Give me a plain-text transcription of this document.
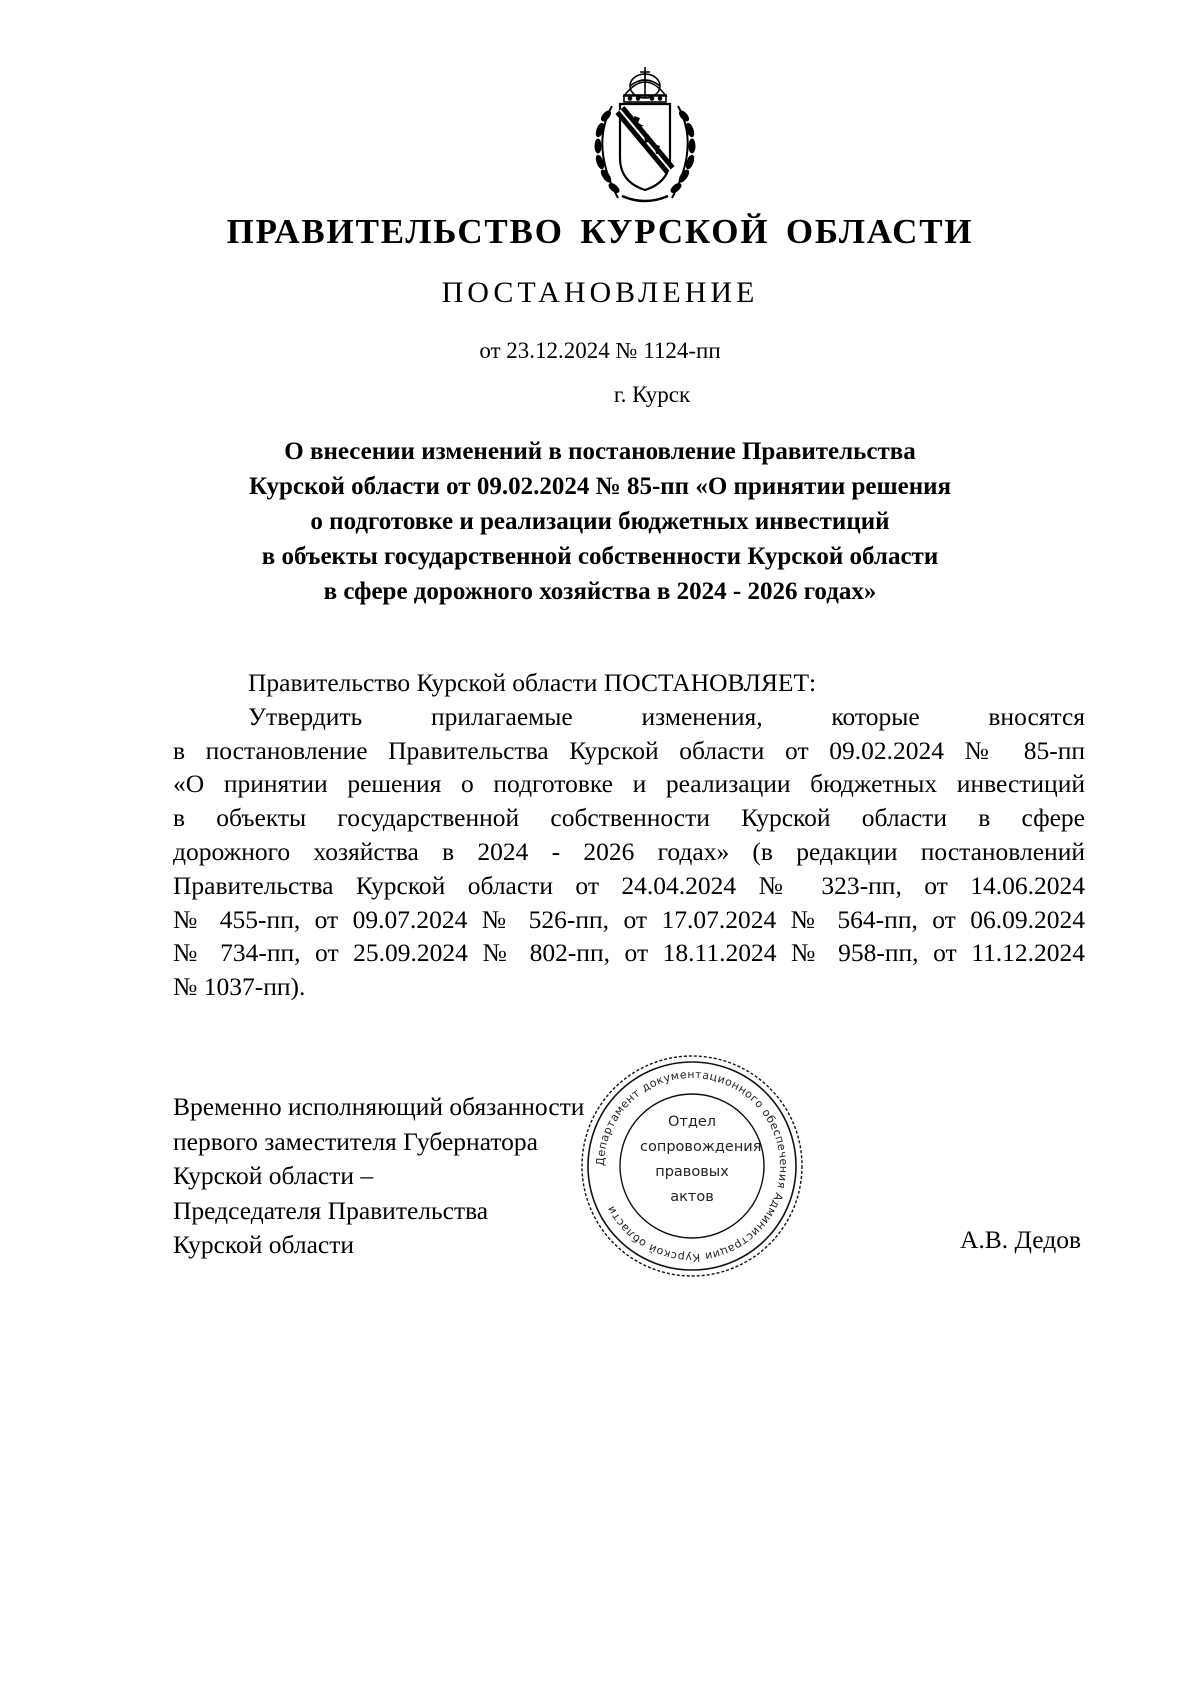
ПРАВИТЕЛЬСТВО КУРСКОЙ ОБЛАСТИ
ПОСТАНОВЛЕНИЕ
от 23.12.2024 № 1124-пп
г. Курск
О внесении изменений в постановление Правительства
Курской области от 09.02.2024 № 85-пп «О принятии решения
о подготовке и реализации бюджетных инвестиций
в объекты государственной собственности Курской области
в сфере дорожного хозяйства в 2024 - 2026 годах»
Правительство Курской области ПОСТАНОВЛЯЕТ:
Утвердить прилагаемые изменения, которые вносятся
в постановление Правительства Курской области от 09.02.2024 № 85-пп
«О принятии решения о подготовке и реализации бюджетных инвестиций
в объекты государственной собственности Курской области в сфере
дорожного хозяйства в 2024 - 2026 годах» (в редакции постановлений
Правительства Курской области от 24.04.2024 № 323-пп, от 14.06.2024
№ 455-пп, от 09.07.2024 № 526-пп, от 17.07.2024 № 564-пп, от 06.09.2024
№ 734-пп, от 25.09.2024 № 802-пп, от 18.11.2024 № 958-пп, от 11.12.2024
№ 1037-пп).
Временно исполняющий обязанности
первого заместителя Губернатора
Курской области –
Председателя Правительства
Курской области
Департамент документационного обеспечения Администрации Курской области
Отдел
сопровождения
правовых
актов
А.В. Дедов
